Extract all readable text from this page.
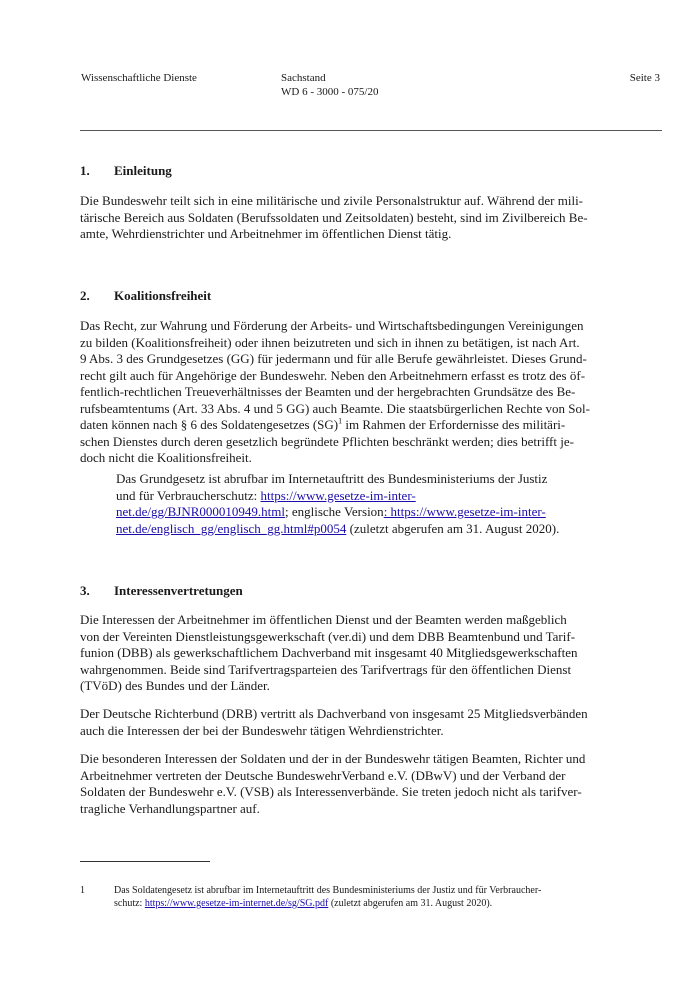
Wissenschaftliche Dienste	Sachstand
WD 6 - 3000 - 075/20
Seite 3
1. Einleitung
Die Bundeswehr teilt sich in eine militärische und zivile Personalstruktur auf. Während der mili-
tärische Bereich aus Soldaten (Berufssoldaten und Zeitsoldaten) besteht, sind im Zivilbereich Be-
amte, Wehrdienstrichter und Arbeitnehmer im öffentlichen Dienst tätig.
2. Koalitionsfreiheit
Das Recht, zur Wahrung und Förderung der Arbeits- und Wirtschaftsbedingungen Vereinigungen
zu bilden (Koalitionsfreiheit) oder ihnen beizutreten und sich in ihnen zu betätigen, ist nach Art.
9 Abs. 3 des Grundgesetzes (GG) für jedermann und für alle Berufe gewährleistet. Dieses Grund-
recht gilt auch für Angehörige der Bundeswehr. Neben den Arbeitnehmern erfasst es trotz des öf-
fentlich-rechtlichen Treueverhältnisses der Beamten und der hergebrachten Grundsätze des Be-
rufsbeamtentums (Art. 33 Abs. 4 und 5 GG) auch Beamte. Die staatsbürgerlichen Rechte von Sol-
daten können nach § 6 des Soldatengesetzes (SG)$^1$ im Rahmen der Erfordernisse des militäri-
schen Dienstes durch deren gesetzlich begründete Pflichten beschränkt werden; dies betrifft je-
doch nicht die Koalitionsfreiheit.
Das Grundgesetz ist abrufbar im Internetauftritt des Bundesministeriums der Justiz
und für Verbraucherschutz: https://www.gesetze-im-inter-
net.de/gg/BJNR000010949.html; englische Version: https://www.gesetze-im-inter-
net.de/englisch_gg/englisch_gg.html#p0054 (zuletzt abgerufen am 31. August 2020).
3. Interessenvertretungen
Die Interessen der Arbeitnehmer im öffentlichen Dienst und der Beamten werden maßgeblich
von der Vereinten Dienstleistungsgewerkschaft (ver.di) und dem DBB Beamtenbund und Tarif-
funion (DBB) als gewerkschaftlichem Dachverband mit insgesamt 40 Mitgliedsgewerkschaften
wahrgenommen. Beide sind Tarifvertragsparteien des Tarifvertrags für den öffentlichen Dienst
(TVöD) des Bundes und der Länder.
Der Deutsche Richterbund (DRB) vertritt als Dachverband von insgesamt 25 Mitgliedsverbänden
auch die Interessen der bei der Bundeswehr tätigen Wehrdienstrichter.
Die besonderen Interessen der Soldaten und der in der Bundeswehr tätigen Beamten, Richter und
Arbeitnehmer vertreten der Deutsche BundeswehrVerband e.V. (DBwV) und der Verband der
Soldaten der Bundeswehr e.V. (VSB) als Interessenverbände. Sie treten jedoch nicht als tarifver-
tragliche Verhandlungspartner auf.
1	Das Soldatengesetz ist abrufbar im Internetauftritt des Bundesministeriums der Justiz und für Verbraucher-
schutz: https://www.gesetze-im-internet.de/sg/SG.pdf (zuletzt abgerufen am 31. August 2020).
